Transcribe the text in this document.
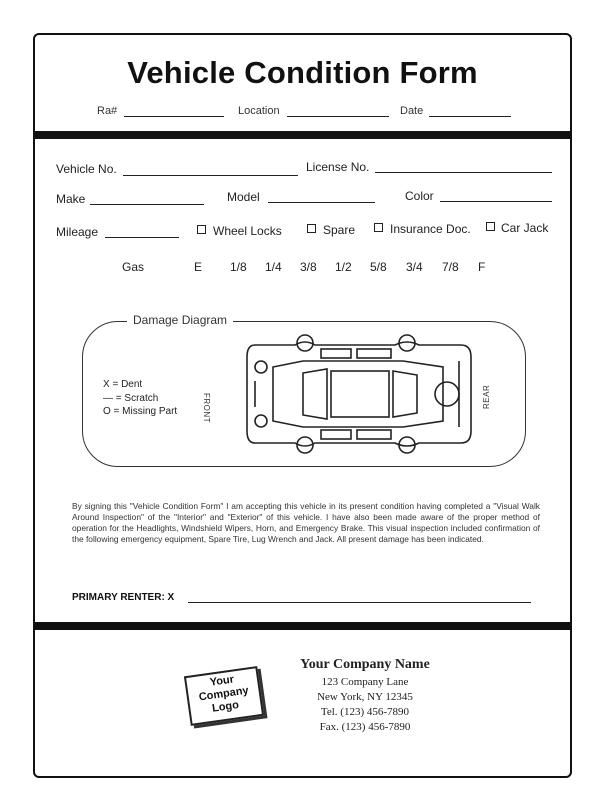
Vehicle Condition Form
Ra#	Location	Date
Vehicle No.	License No.
Make	Model	Color
Mileage	Wheel Locks	Spare	Insurance Doc.	Car Jack
Gas	E 1/8 1/4 3/8 1/2 5/8 3/4 7/8 F
Damage Diagram
X = Dent
— = Scratch
O = Missing Part	FRONT	REAR
By signing this "Vehicle Condition Form" I am accepting this vehicle in its present condition having completed a "Visual Walk Around Inspection" of the "Interior" and "Exterior" of this vehicle. I have also been made aware of the proper method of operation for the Headlights, Windshield Wipers, Horn, and Emergency Brake. This visual inspection included confirmation of the following emergency equipment, Spare Tire, Lug Wrench and Jack. All present damage has been indicated.
PRIMARY RENTER: X
Your
Company
Logo
Your Company Name
123 Company Lane
New York, NY 12345
Tel. (123) 456-7890
Fax. (123) 456-7890
